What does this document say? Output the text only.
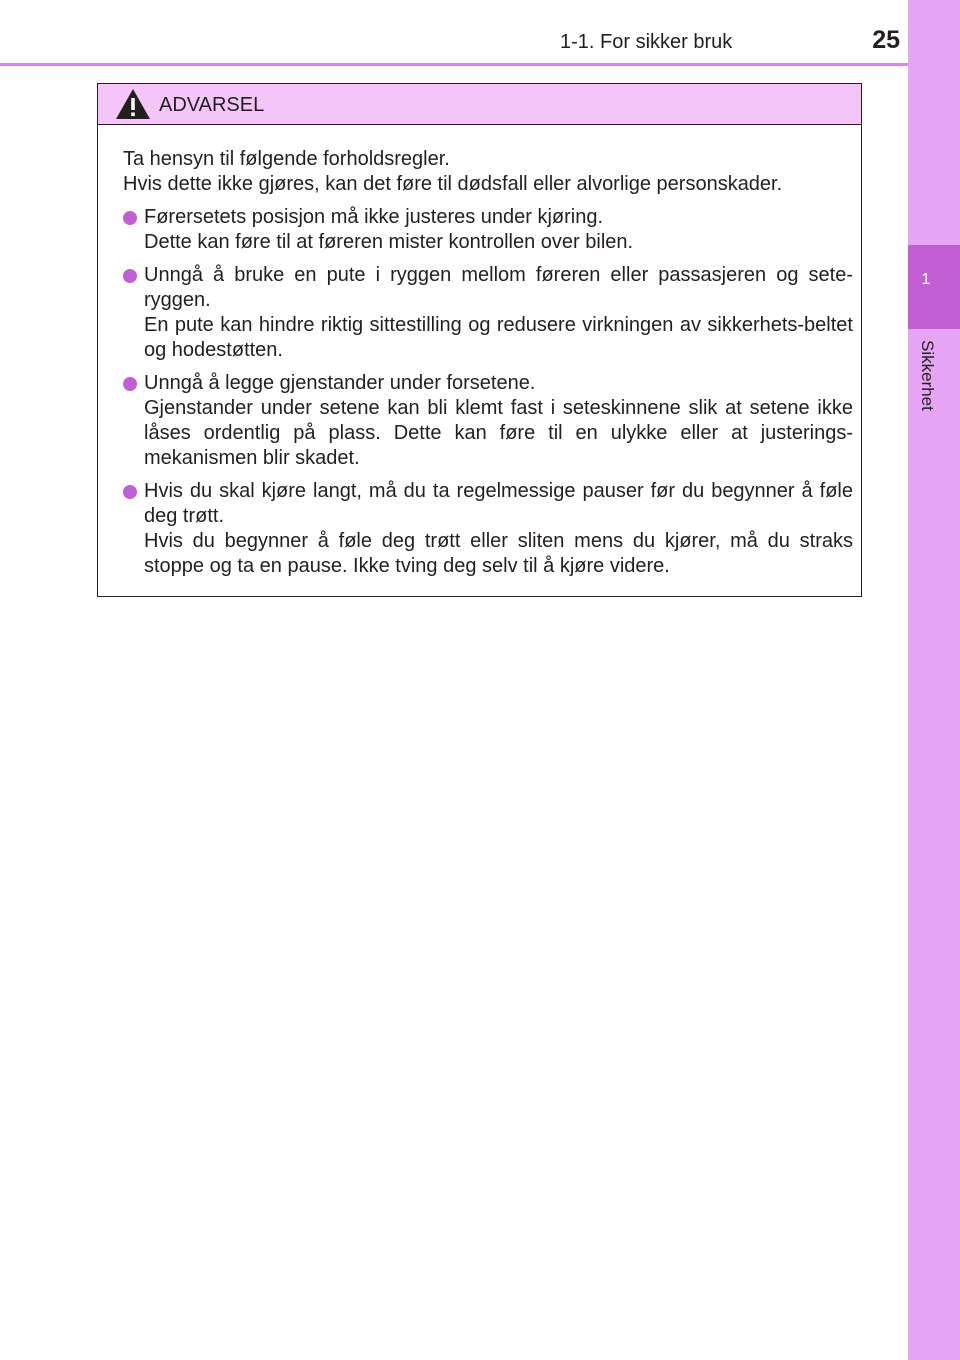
1-1. For sikker bruk	25
1
Sikkerhet
ADVARSEL

Ta hensyn til følgende forholdsregler.

Hvis dette ikke gjøres, kan det føre til dødsfall eller alvorlige personskader.

Førersetets posisjon må ikke justeres under kjøring.
Dette kan føre til at føreren mister kontrollen over bilen.
Unngå å bruke en pute i ryggen mellom føreren eller passasjeren og sete-ryggen.
En pute kan hindre riktig sittestilling og redusere virkningen av sikkerhets-beltet og hodestøtten.
Unngå å legge gjenstander under forsetene.
Gjenstander under setene kan bli klemt fast i seteskinnene slik at setene ikke låses ordentlig på plass. Dette kan føre til en ulykke eller at justerings-mekanismen blir skadet.
Hvis du skal kjøre langt, må du ta regelmessige pauser før du begynner å føle deg trøtt.
Hvis du begynner å føle deg trøtt eller sliten mens du kjører, må du straks stoppe og ta en pause. Ikke tving deg selv til å kjøre videre.
